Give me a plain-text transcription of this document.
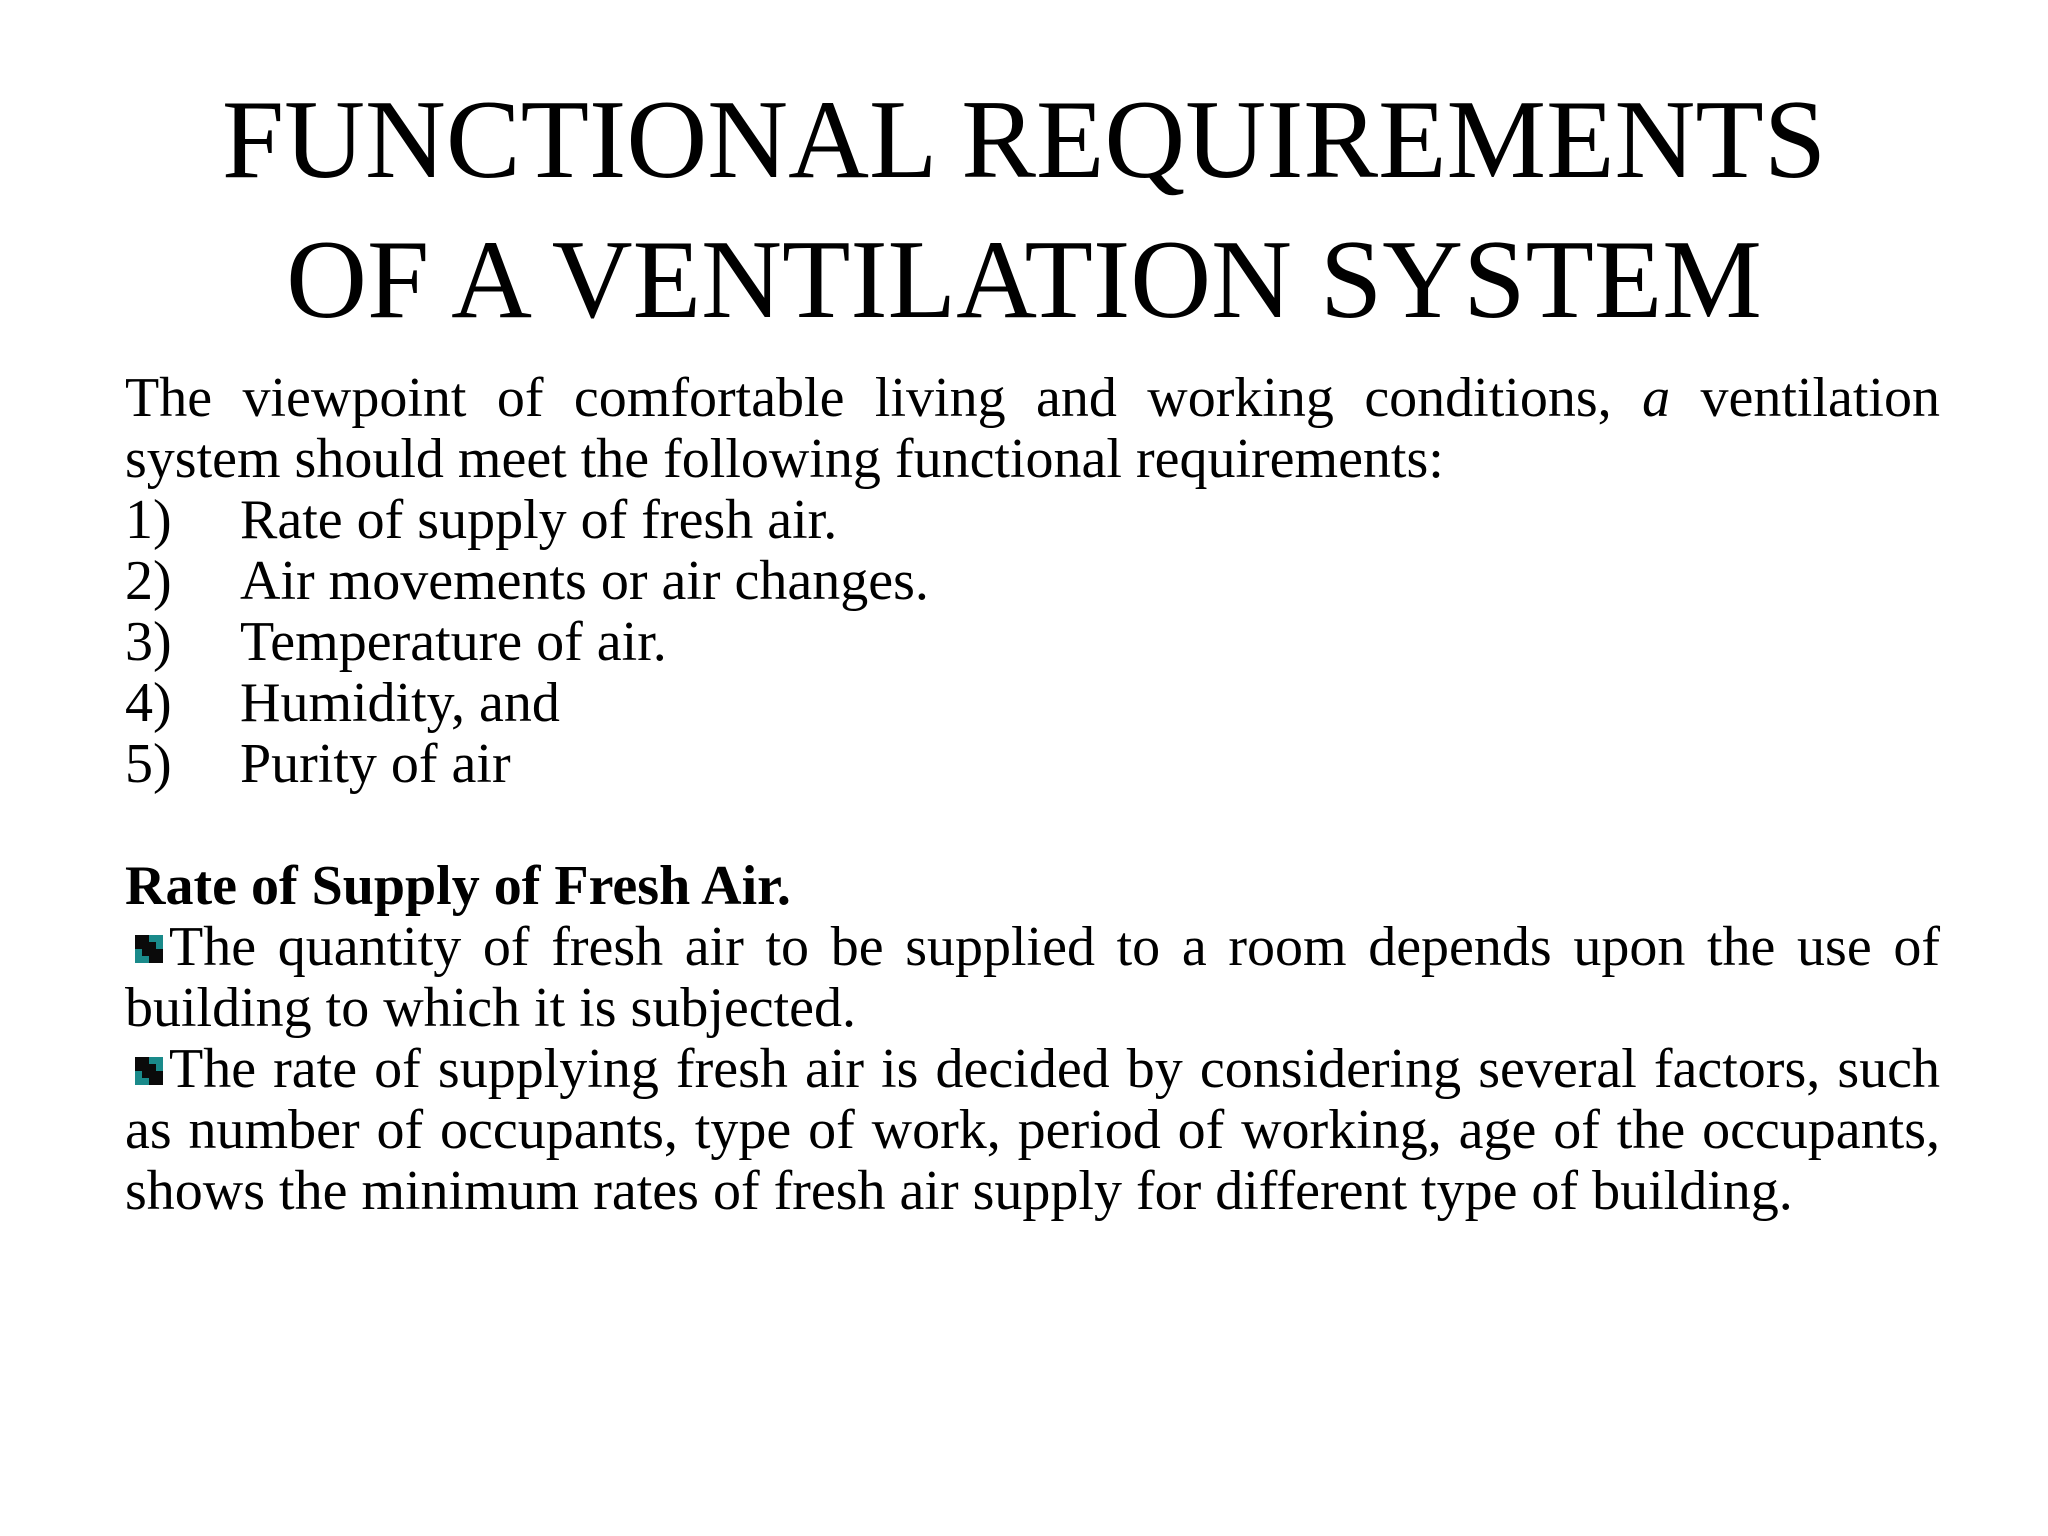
FUNCTIONAL REQUIREMENTS
OF A VENTILATION SYSTEM

The viewpoint of comfortable living and working conditions, a ventilation system should meet the following functional requirements:

1) Rate of supply of fresh air.
2) Air movements or air changes.
3) Temperature of air.
4) Humidity, and
5) Purity of air

Rate of Supply of Fresh Air.

The quantity of fresh air to be supplied to a room depends upon the use of building to which it is subjected.

The rate of supplying fresh air is decided by considering several factors, such as number of occupants, type of work, period of working, age of the occupants, shows the minimum rates of fresh air supply for different type of building.
